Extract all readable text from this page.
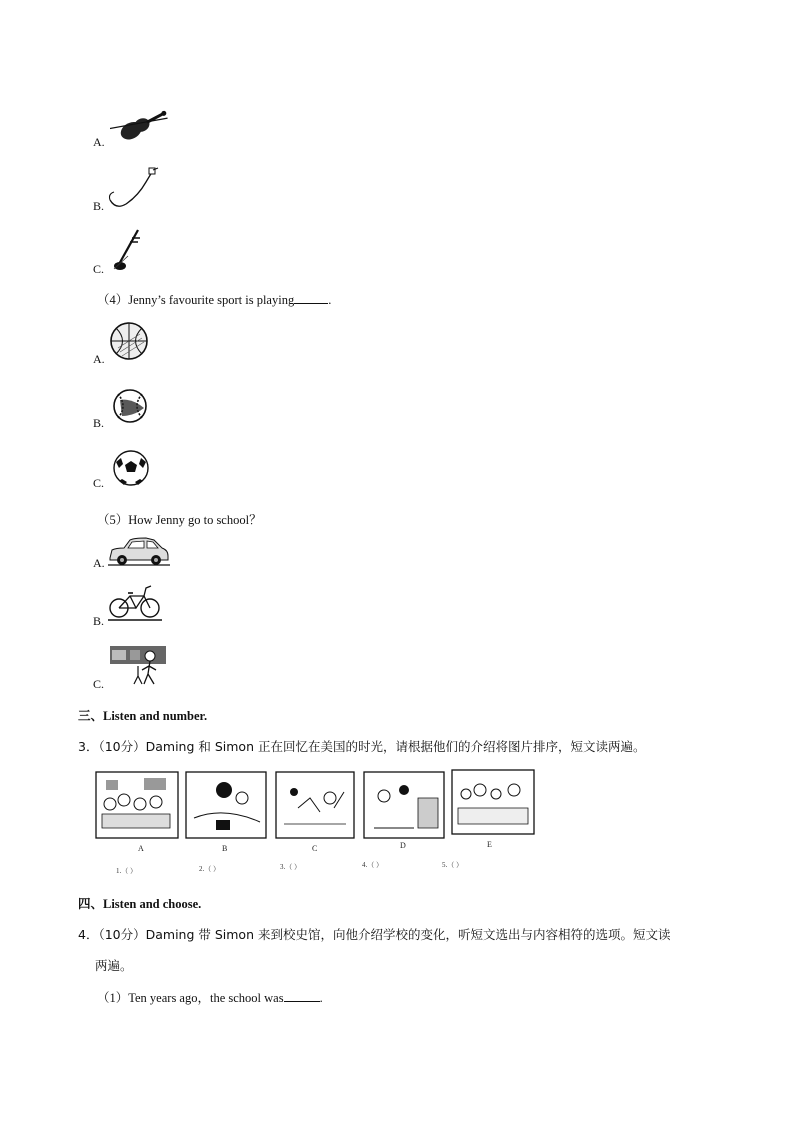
A.
B.
C.
（4）Jenny’s favourite sport is playing	.
A.
B.
C.
（5）How Jenny go to school？
A.
B.
C.
三、Listen and number.
3．（10分）Daming 和 Simon 正在回忆在美国的时光，请根据他们的介绍将图片排序，短文读两遍。
A	B	C	D	E
1.（ ）	2.（ ）	3.（ ）	4.（ ）	5.（ ）
四、Listen and choose.
4．（10分）Daming 带 Simon 来到校史馆，向他介绍学校的变化，听短文选出与内容相符的选项。短文读
两遍。
（1）Ten years ago，the school was	.
